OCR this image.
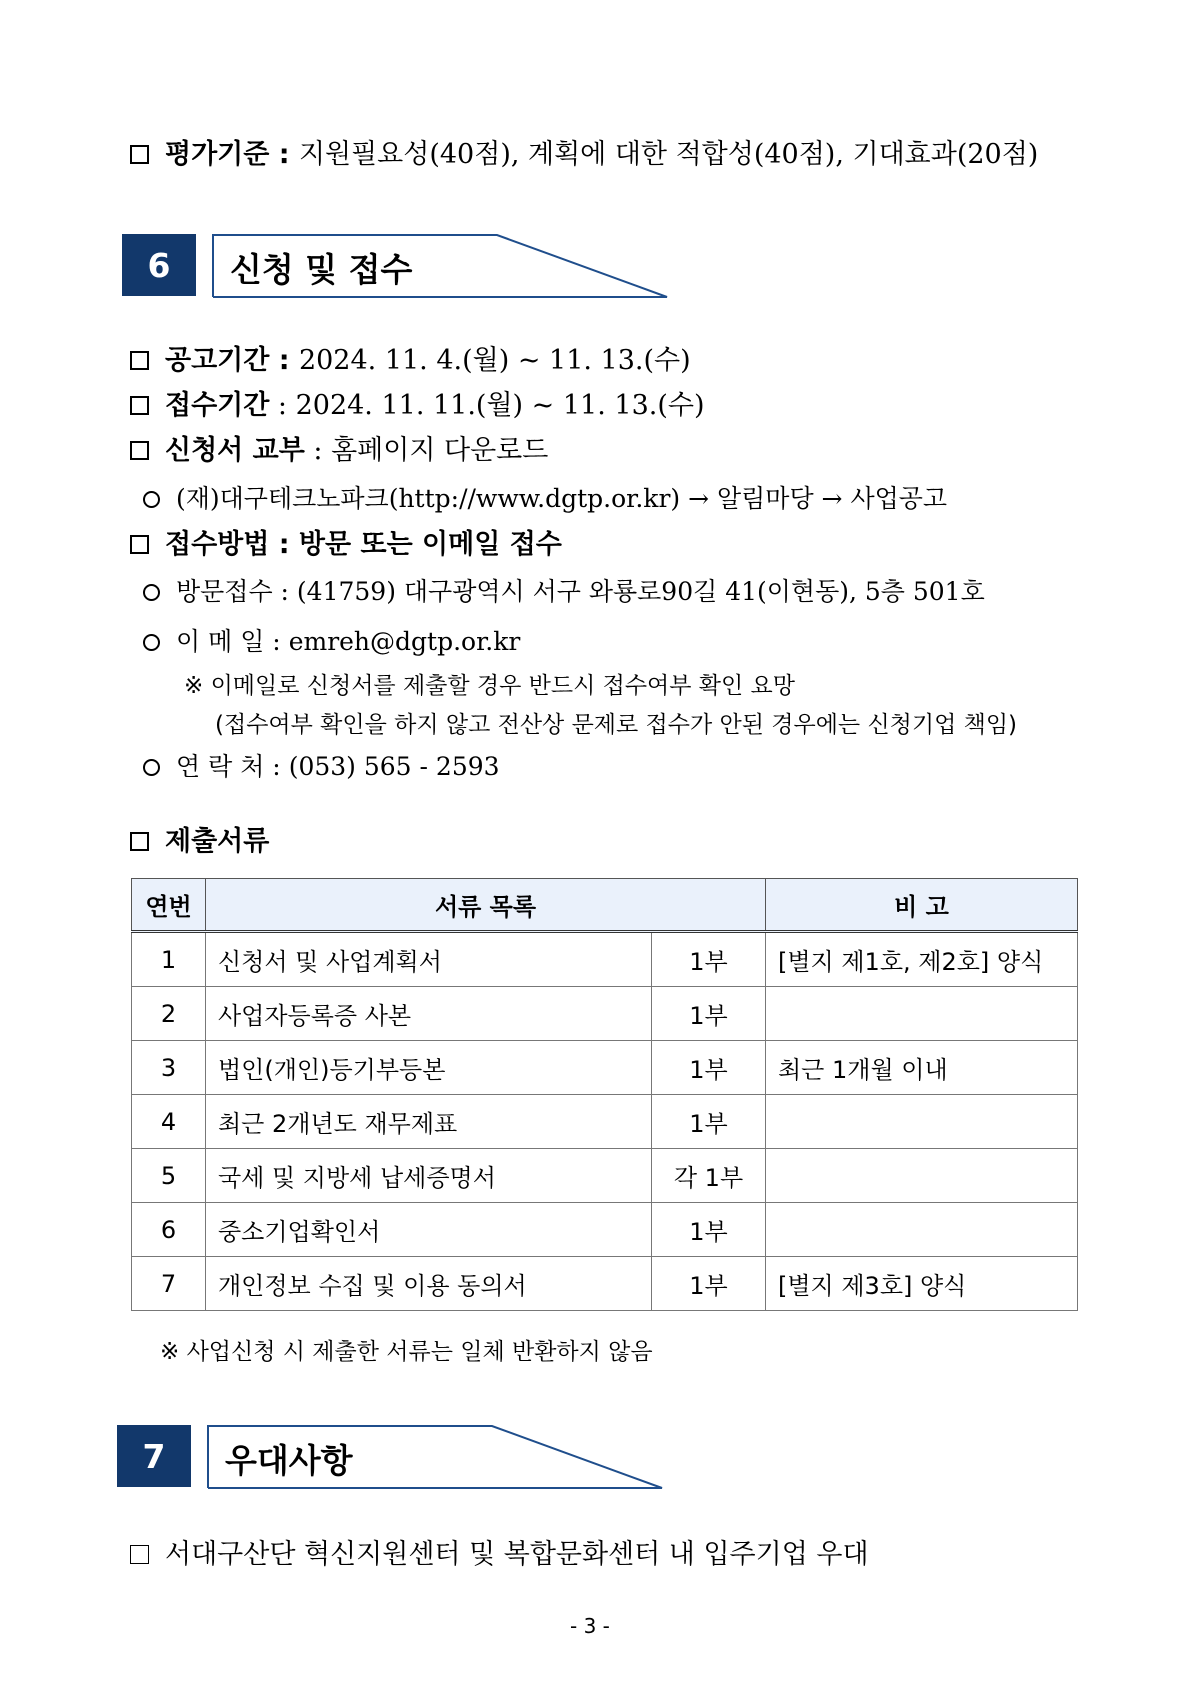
평가기준 : 지원필요성(40점), 계획에 대한 적합성(40점), 기대효과(20점)
6	신청 및 접수
공고기간 : 2024. 11. 4.(월) ~ 11. 13.(수)
접수기간 : 2024. 11. 11.(월) ~ 11. 13.(수)
신청서 교부 : 홈페이지 다운로드
(재)대구테크노파크(http://www.dgtp.or.kr) → 알림마당 → 사업공고
접수방법 : 방문 또는 이메일 접수
방문접수 : (41759) 대구광역시 서구 와룡로90길 41(이현동), 5층 501호
이 메 일 : emreh@dgtp.or.kr
※ 이메일로 신청서를 제출할 경우 반드시 접수여부 확인 요망
(접수여부 확인을 하지 않고 전산상 문제로 접수가 안된 경우에는 신청기업 책임)
연 락 처 : (053) 565 - 2593
제출서류
연번	서류 목록		비 고
1	신청서 및 사업계획서	1부	[별지 제1호, 제2호] 양식
2	사업자등록증 사본	1부	
3	법인(개인)등기부등본	1부	최근 1개월 이내
4	최근 2개년도 재무제표	1부	
5	국세 및 지방세 납세증명서	각 1부	
6	중소기업확인서	1부	
7	개인정보 수집 및 이용 동의서	1부	[별지 제3호] 양식
※ 사업신청 시 제출한 서류는 일체 반환하지 않음
7	우대사항
서대구산단 혁신지원센터 및 복합문화센터 내 입주기업 우대
- 3 -
